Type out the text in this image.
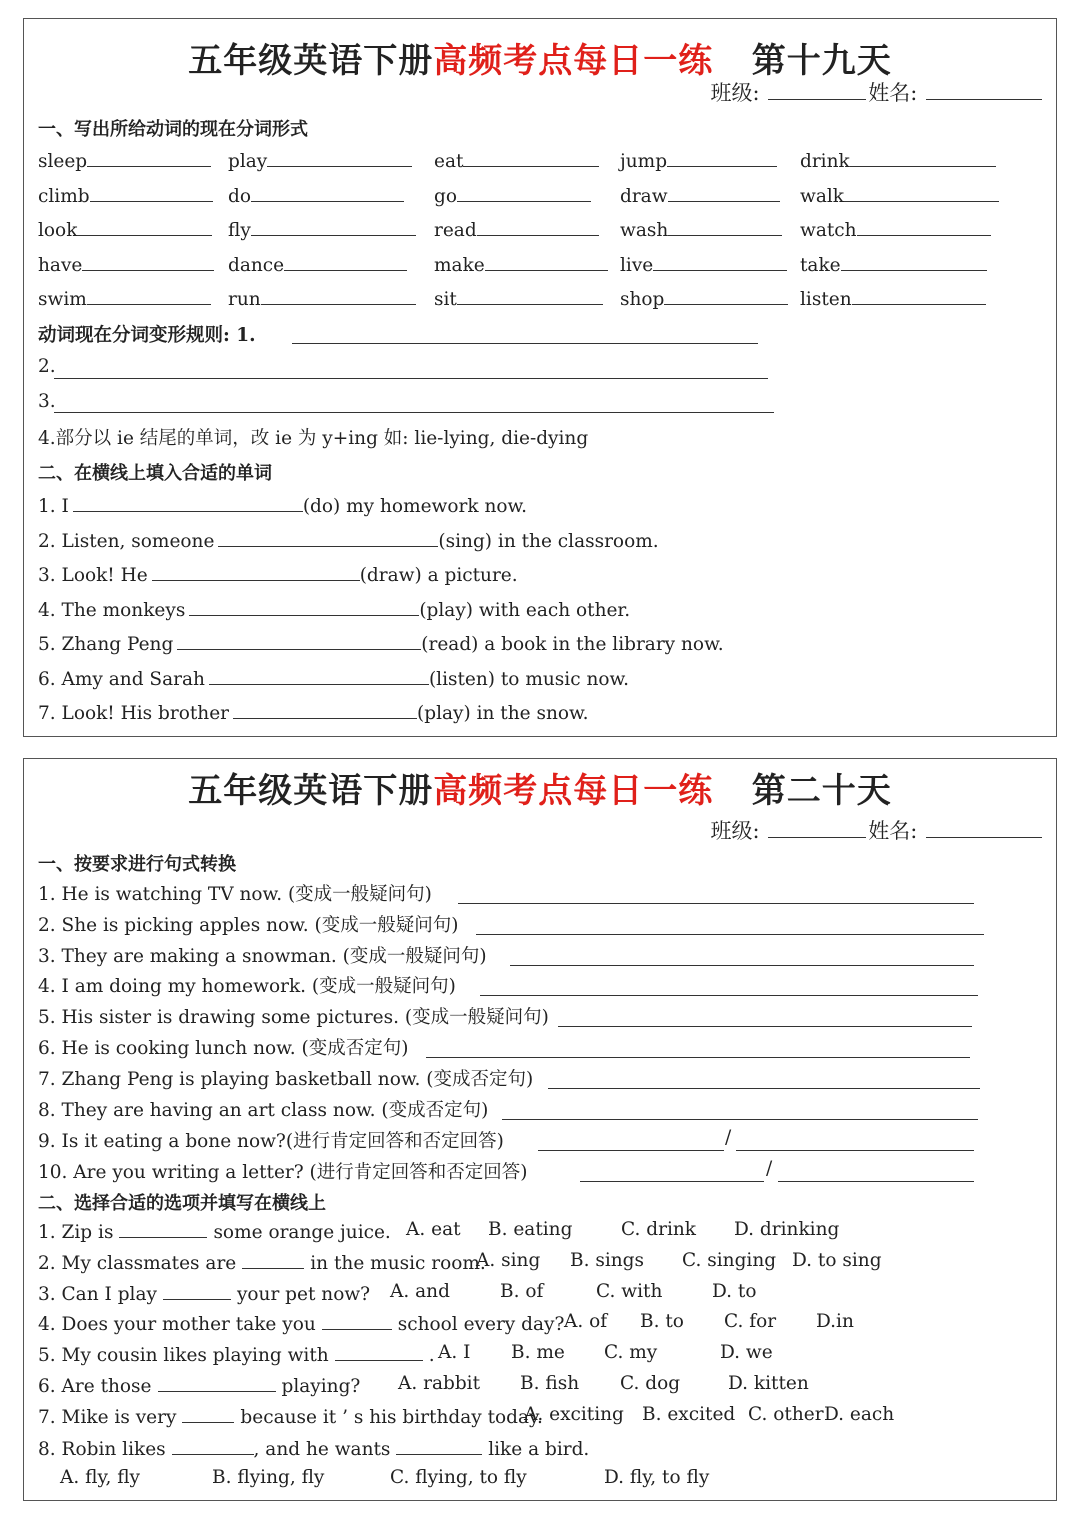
五年级英语下册高频考点每日一练 第十九天
班级:	姓名:
一、写出所给动词的现在分词形式
sleep	play	eat	jump	drink
climb	do	go	draw	walk
look	fly	read	wash	watch
have	dance	make	live	take
swim	run	sit	shop	listen
动词现在分词变形规则: 1.
2.
3.
4.部分以 ie 结尾的单词，改 ie 为 y+ing 如: lie-lying, die-dying
二、在横线上填入合适的单词
1. I	(do) my homework now.
2. Listen, someone	(sing) in the classroom.
3. Look! He	(draw) a picture.
4. The monkeys	(play) with each other.
5. Zhang Peng	(read) a book in the library now.
6. Amy and Sarah	(listen) to music now.
7. Look! His brother	(play) in the snow.
五年级英语下册高频考点每日一练 第二十天
班级:	姓名:
一、按要求进行句式转换
1. He is watching TV now. (变成一般疑问句)
2. She is picking apples now. (变成一般疑问句)
3. They are making a snowman. (变成一般疑问句)
4. I am doing my homework. (变成一般疑问句)
5. His sister is drawing some pictures. (变成一般疑问句)
6. He is cooking lunch now. (变成否定句)
7. Zhang Peng is playing basketball now. (变成否定句)
8. They are having an art class now. (变成否定句)
9. Is it eating a bone now?(进行肯定回答和否定回答)	/
10. Are you writing a letter? (进行肯定回答和否定回答)	/
二、选择合适的选项并填写在横线上
1. Zip is	some orange juice. A. eat B. eating	C. drink D. drinking
2. My classmates are	in the music room.
A. sing B. sings C. singing D. to sing
3. Can I play	your pet now? A. and	B. of	C. with	D. to
4. Does your mother take you	school every day? A. of B. to C. for D.in
5. My cousin likes playing with	. A. I B. me C. my	D. we
6. Are those	playing? A. rabbit B. fish C. dog	D. kitten
7. Mike is very	because it ’ s his birthday today.
A. exciting B. excited C. other D. each
8. Robin likes	, and he wants	like a bird.
A. fly, fly	B. flying, fly	C. flying, to fly	D. fly, to fly
